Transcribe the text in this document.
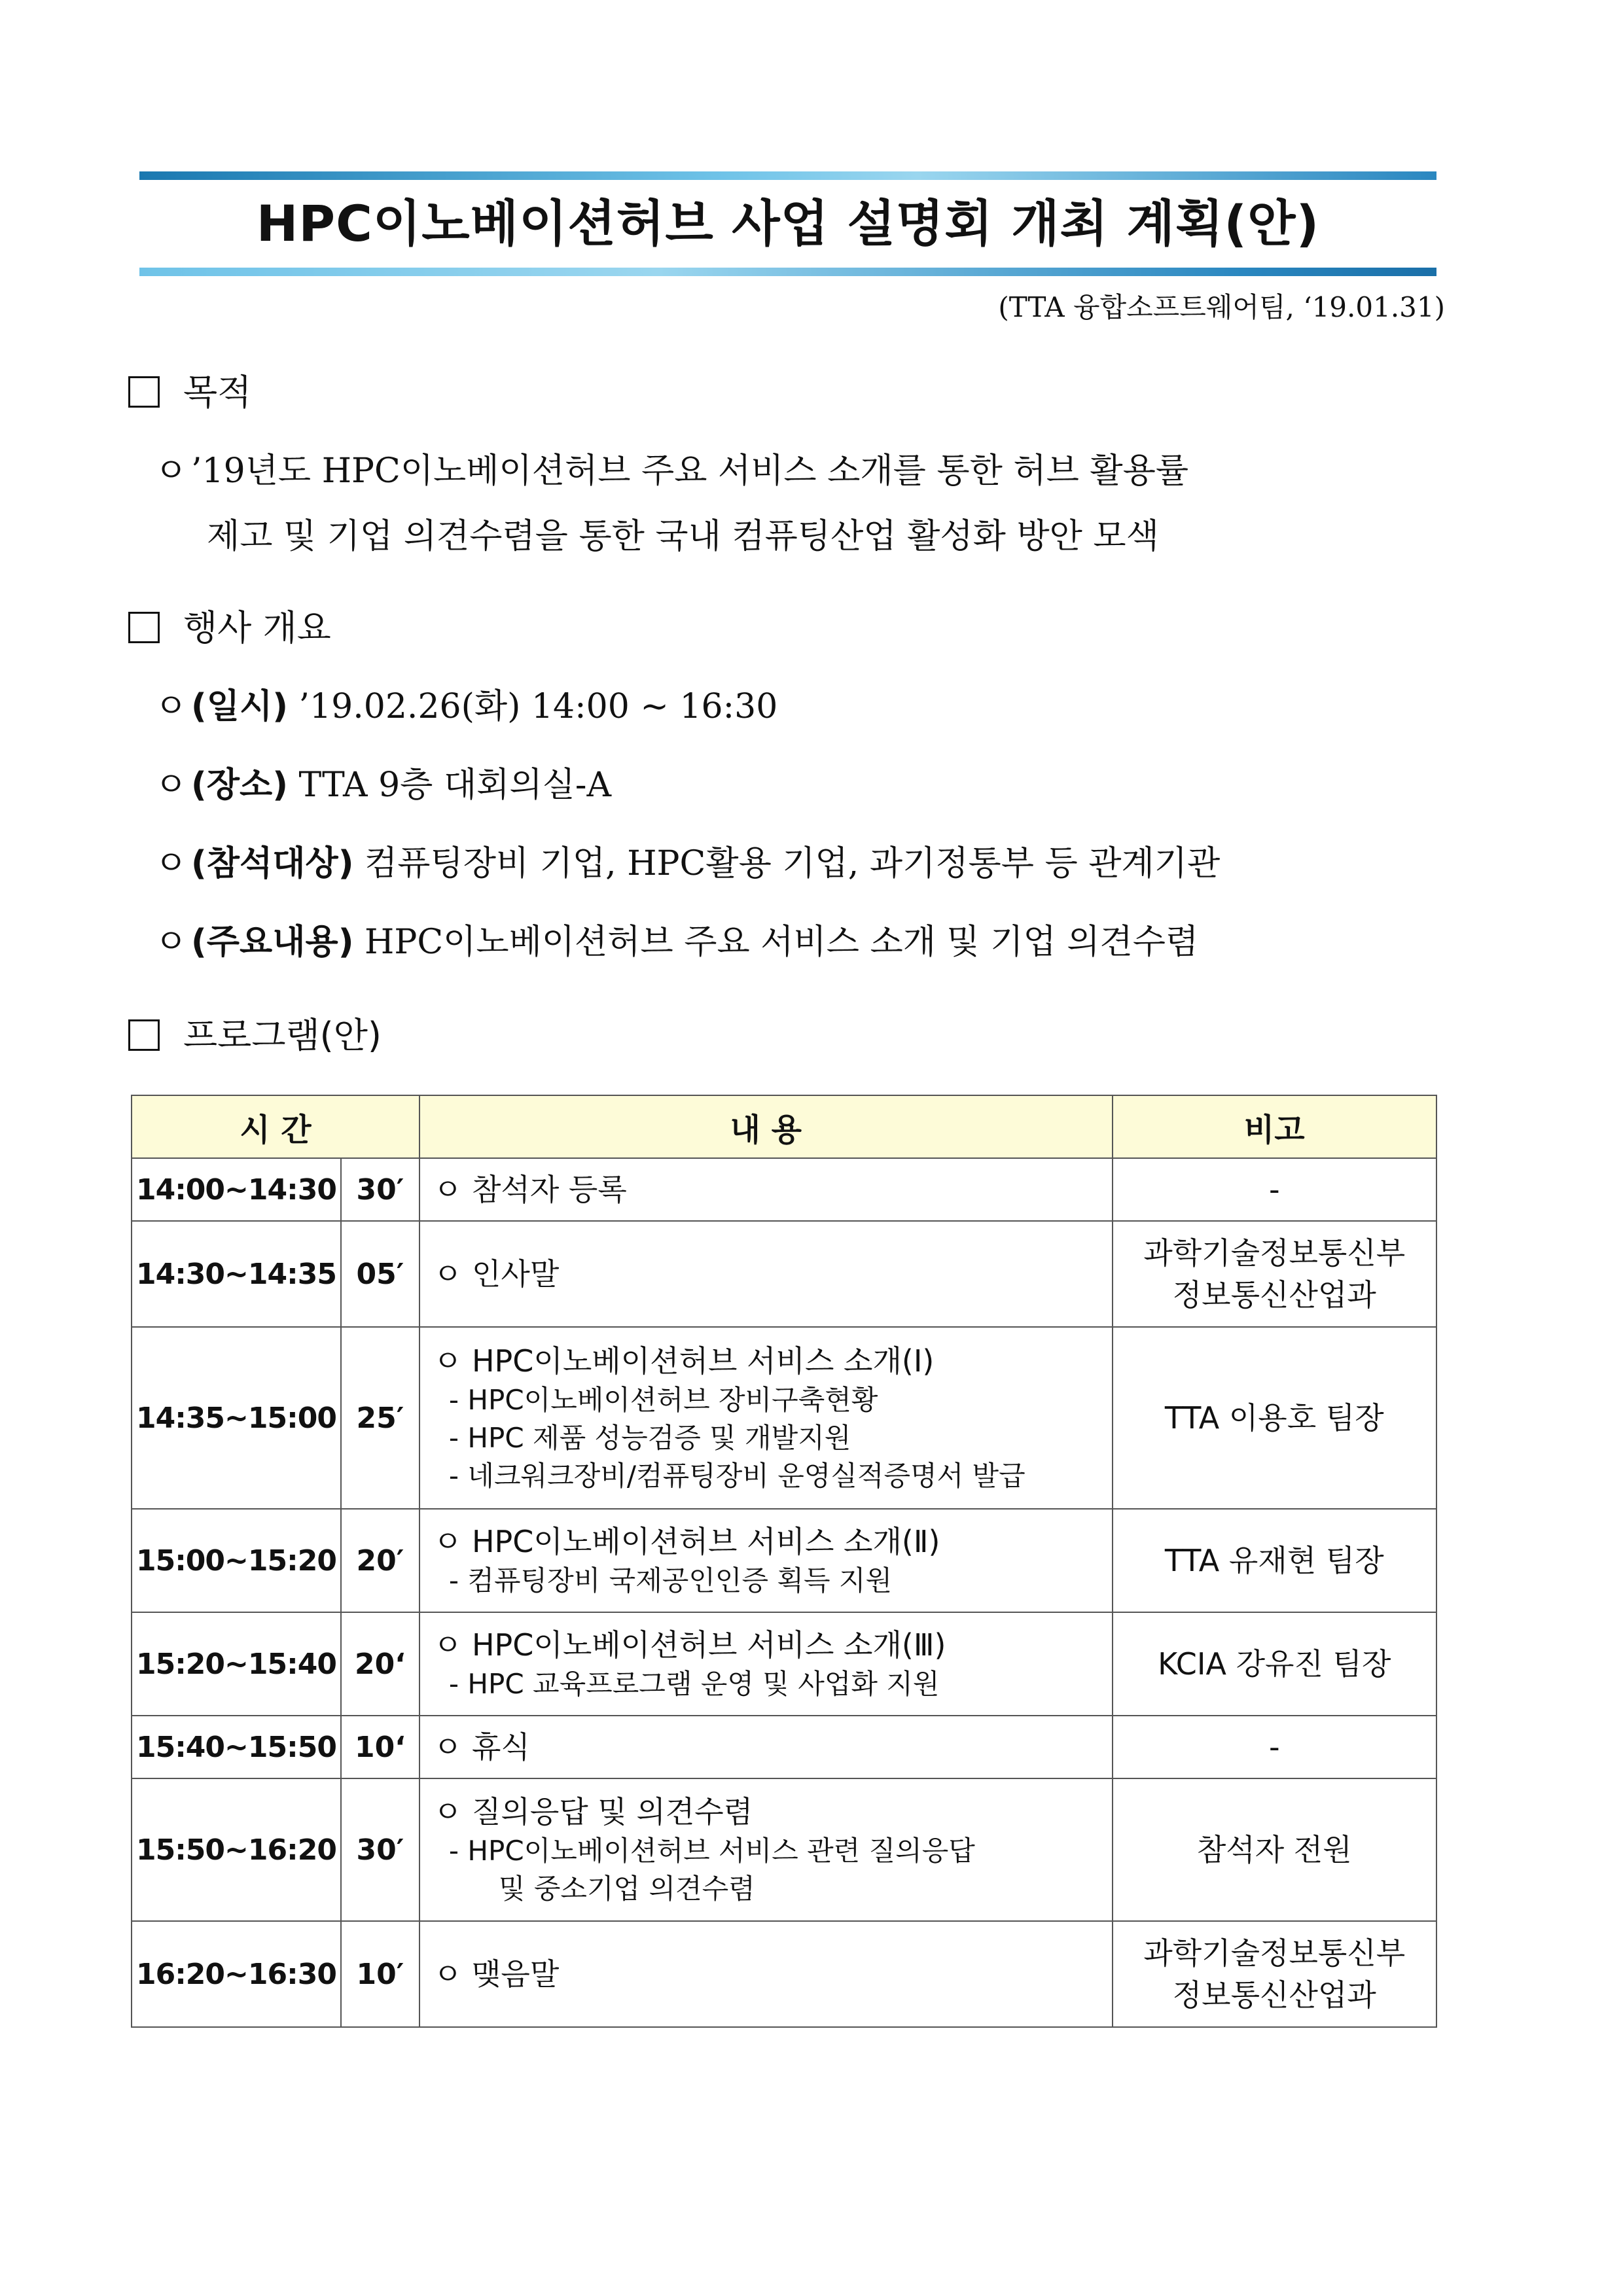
HPC이노베이션허브 사업 설명회 개최 계획(안)
(TTA 융합소프트웨어팀, ‘19.01.31)
목적
ㅇ ’19년도 HPC이노베이션허브 주요 서비스 소개를 통한 허브 활용률
제고 및 기업 의견수렴을 통한 국내 컴퓨팅산업 활성화 방안 모색
행사 개요
ㅇ (일시) ’19.02.26(화) 14:00 ~ 16:30
ㅇ (장소) TTA 9층 대회의실-A
ㅇ (참석대상) 컴퓨팅장비 기업, HPC활용 기업, 과기정통부 등 관계기관
ㅇ (주요내용) HPC이노베이션허브 주요 서비스 소개 및 기업 의견수렴
프로그램(안)
시 간		내 용	비고
14:00~14:30	30′	ㅇ 참석자 등록	-

14:30~14:35	05′	ㅇ 인사말	과학기술정보통신부
정보통신산업과

14:35~15:00	25′	ㅇ HPC이노베이션허브 서비스 소개(Ⅰ)
- HPC이노베이션허브 장비구축현황
- HPC 제품 성능검증 및 개발지원
- 네크워크장비/컴퓨팅장비 운영실적증명서 발급	TTA 이용호 팀장

15:00~15:20	20′	ㅇ HPC이노베이션허브 서비스 소개(Ⅱ)
- 컴퓨팅장비 국제공인인증 획득 지원	TTA 유재현 팀장

15:20~15:40	20‘	ㅇ HPC이노베이션허브 서비스 소개(Ⅲ)
- HPC 교육프로그램 운영 및 사업화 지원	KCIA 강유진 팀장

15:40~15:50	10‘	ㅇ 휴식	-

15:50~16:20	30′	ㅇ 질의응답 및 의견수렴
- HPC이노베이션허브 서비스 관련 질의응답
및 중소기업 의견수렴	참석자 전원

16:20~16:30	10′	ㅇ 맺음말	과학기술정보통신부
정보통신산업과
